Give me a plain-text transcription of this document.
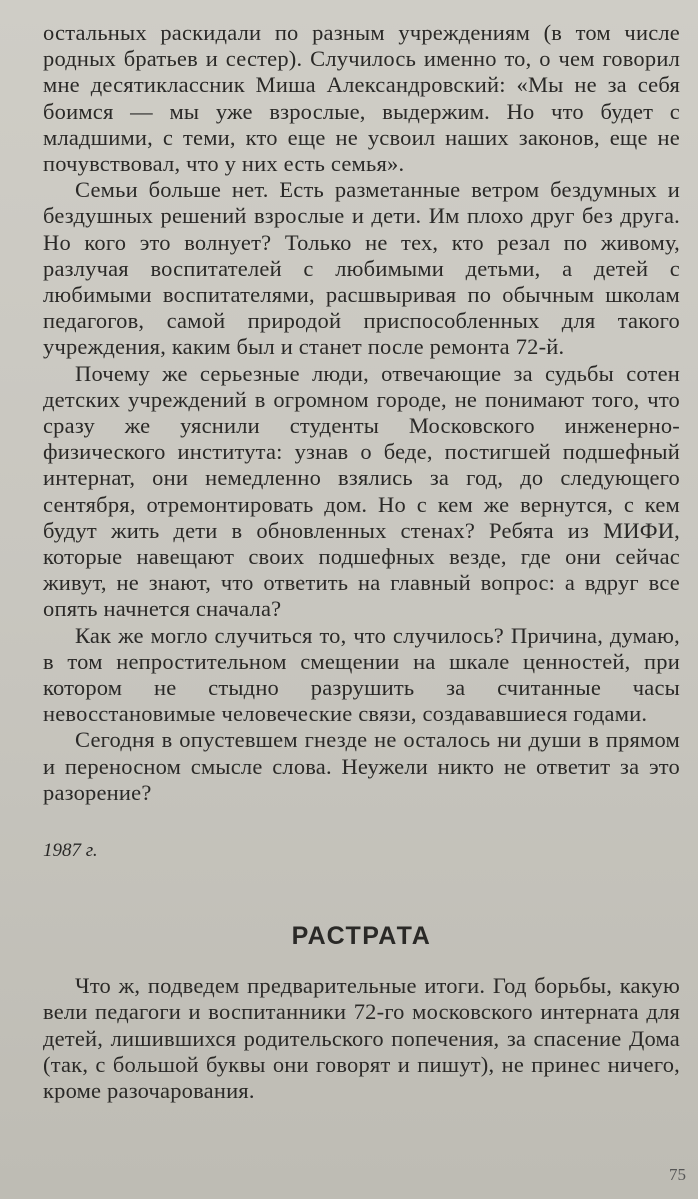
остальных раскидали по разным учреждениям (в том числе родных братьев и сестер). Случилось именно то, о чем говорил мне десятиклассник Миша Александровский: «Мы не за себя боимся — мы уже взрослые, выдержим. Но что будет с младшими, с теми, кто еще не усвоил наших законов, еще не почувствовал, что у них есть семья».

Семьи больше нет. Есть разметанные ветром бездумных и бездушных решений взрослые и дети. Им плохо друг без друга. Но кого это волнует? Только не тех, кто резал по живому, разлучая воспитателей с любимыми детьми, а детей с любимыми воспитателями, расшвыривая по обычным школам педагогов, самой природой приспособленных для такого учреждения, каким был и станет после ремонта 72-й.

Почему же серьезные люди, отвечающие за судьбы сотен детских учреждений в огромном городе, не понимают того, что сразу же уяснили студенты Московского инженерно-физического института: узнав о беде, постигшей подшефный интернат, они немедленно взялись за год, до следующего сентября, отремонтировать дом. Но с кем же вернутся, с кем будут жить дети в обновленных стенах? Ребята из МИФИ, которые навещают своих подшефных везде, где они сейчас живут, не знают, что ответить на главный вопрос: а вдруг все опять начнется сначала?

Как же могло случиться то, что случилось? Причина, думаю, в том непростительном смещении на шкале ценностей, при котором не стыдно разрушить за считанные часы невосстановимые человеческие связи, создававшиеся годами.

Сегодня в опустевшем гнезде не осталось ни души в прямом и переносном смысле слова. Неужели никто не ответит за это разорение?

1987 г.

РАСТРАТА

Что ж, подведем предварительные итоги. Год борьбы, какую вели педагоги и воспитанники 72-го московского интерната для детей, лишившихся родительского попечения, за спасение Дома (так, с большой буквы они говорят и пишут), не принес ничего, кроме разочарования.

75
